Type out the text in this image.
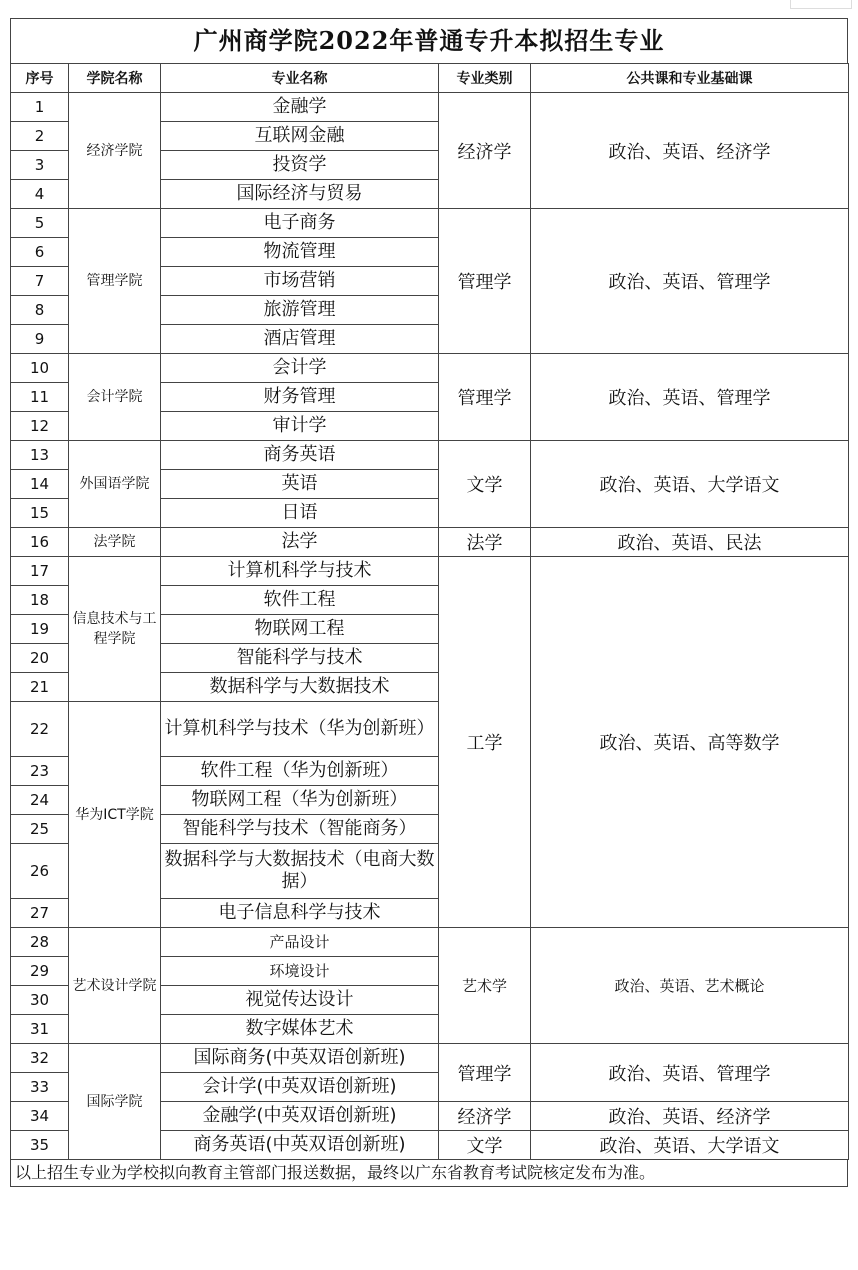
广州商学院2022年普通专升本拟招生专业
序号	学院名称	专业名称	专业类别	公共课和专业基础课
1	经济学院	金融学	经济学	政治、英语、经济学
2		互联网金融		
3		投资学		
4		国际经济与贸易		
5	管理学院	电子商务	管理学	政治、英语、管理学
6		物流管理		
7		市场营销		
8		旅游管理		
9		酒店管理		
10	会计学院	会计学	管理学	政治、英语、管理学
11		财务管理		
12		审计学		
13	外国语学院	商务英语	文学	政治、英语、大学语文
14		英语		
15		日语		
16	法学院	法学	法学	政治、英语、民法
17	信息技术与工程学院	计算机科学与技术	工学	政治、英语、高等数学
18		软件工程		
19		物联网工程		
20		智能科学与技术		
21		数据科学与大数据技术		
22	华为ICT学院	计算机科学与技术（华为创新班）		
23		软件工程（华为创新班）		
24		物联网工程（华为创新班）		
25		智能科学与技术（智能商务）		
26		数据科学与大数据技术（电商大数据）		
27		电子信息科学与技术		
28	艺术设计学院	产品设计	艺术学	政治、英语、艺术概论
29		环境设计		
30		视觉传达设计		
31		数字媒体艺术		
32	国际学院	国际商务(中英双语创新班)	管理学	政治、英语、管理学
33		会计学(中英双语创新班)		
34		金融学(中英双语创新班)	经济学	政治、英语、经济学
35		商务英语(中英双语创新班)	文学	政治、英语、大学语文
以上招生专业为学校拟向教育主管部门报送数据，最终以广东省教育考试院核定发布为准。
